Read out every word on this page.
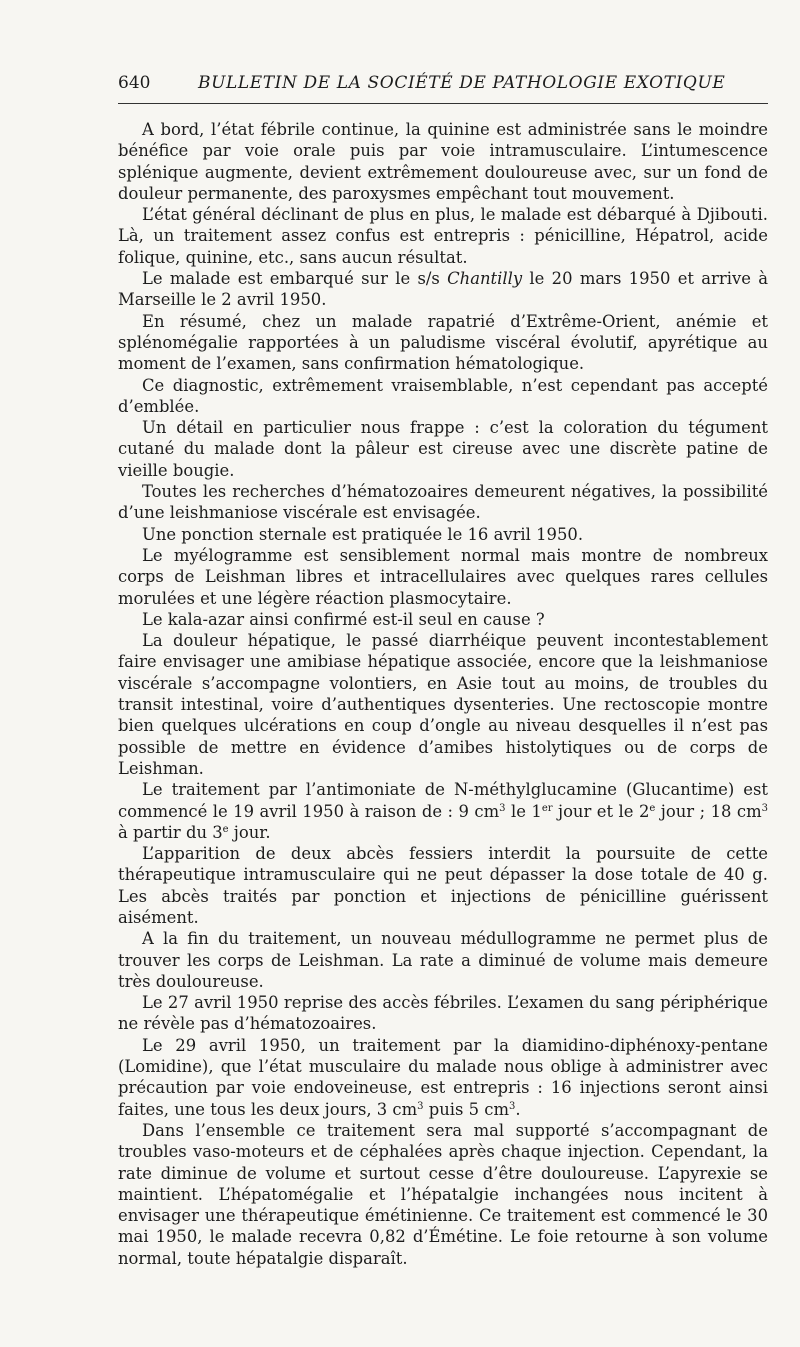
640	BULLETIN DE LA SOCIÉTÉ DE PATHOLOGIE EXOTIQUE

A bord, l’état fébrile continue, la quinine est administrée sans le moindre bénéfice par voie orale puis par voie intramusculaire. L’intumescence splénique augmente, devient extrêmement douloureuse avec, sur un fond de douleur permanente, des paroxysmes empêchant tout mouvement.

L’état général déclinant de plus en plus, le malade est débarqué à Djibouti. Là, un traitement assez confus est entrepris : pénicilline, Hépatrol, acide folique, quinine, etc., sans aucun résultat.

Le malade est embarqué sur le s/s Chantilly le 20 mars 1950 et arrive à Marseille le 2 avril 1950.

En résumé, chez un malade rapatrié d’Extrême-Orient, anémie et splénomégalie rapportées à un paludisme viscéral évolutif, apyrétique au moment de l’examen, sans confirmation hématologique.

Ce diagnostic, extrêmement vraisemblable, n’est cependant pas accepté d’emblée.

Un détail en particulier nous frappe : c’est la coloration du tégument cutané du malade dont la pâleur est cireuse avec une discrète patine de vieille bougie.

Toutes les recherches d’hématozoaires demeurent négatives, la possibilité d’une leishmaniose viscérale est envisagée.

Une ponction sternale est pratiquée le 16 avril 1950.

Le myélogramme est sensiblement normal mais montre de nombreux corps de Leishman libres et intracellulaires avec quelques rares cellules morulées et une légère réaction plasmocytaire.

Le kala-azar ainsi confirmé est-il seul en cause ?

La douleur hépatique, le passé diarrhéique peuvent incontestablement faire envisager une amibiase hépatique associée, encore que la leishmaniose viscérale s’accompagne volontiers, en Asie tout au moins, de troubles du transit intestinal, voire d’authentiques dysenteries. Une rectoscopie montre bien quelques ulcérations en coup d’ongle au niveau desquelles il n’est pas possible de mettre en évidence d’amibes histolytiques ou de corps de Leishman.

Le traitement par l’antimoniate de N-méthylglucamine (Glucantime) est commencé le 19 avril 1950 à raison de : 9 $cm^3$ le 1er jour et le 2e jour ; 18 $cm^3$ à partir du 3e jour.

L’apparition de deux abcès fessiers interdit la poursuite de cette thérapeutique intramusculaire qui ne peut dépasser la dose totale de 40 g. Les abcès traités par ponction et injections de pénicilline guérissent aisément.

A la fin du traitement, un nouveau médullogramme ne permet plus de trouver les corps de Leishman. La rate a diminué de volume mais demeure très douloureuse.

Le 27 avril 1950 reprise des accès fébriles. L’examen du sang périphérique ne révèle pas d’hématozoaires.

Le 29 avril 1950, un traitement par la diamidino-diphénoxy-pentane (Lomidine), que l’état musculaire du malade nous oblige à administrer avec précaution par voie endoveineuse, est entrepris : 16 injections seront ainsi faites, une tous les deux jours, 3 $cm^3$ puis 5 $cm^3$.

Dans l’ensemble ce traitement sera mal supporté s’accompagnant de troubles vaso-moteurs et de céphalées après chaque injection. Cependant, la rate diminue de volume et surtout cesse d’être douloureuse. L’apyrexie se maintient. L’hépatomégalie et l’hépatalgie inchangées nous incitent à envisager une thérapeutique émétinienne. Ce traitement est commencé le 30 mai 1950, le malade recevra 0,82 d’Émétine. Le foie retourne à son volume normal, toute hépatalgie disparaît.
